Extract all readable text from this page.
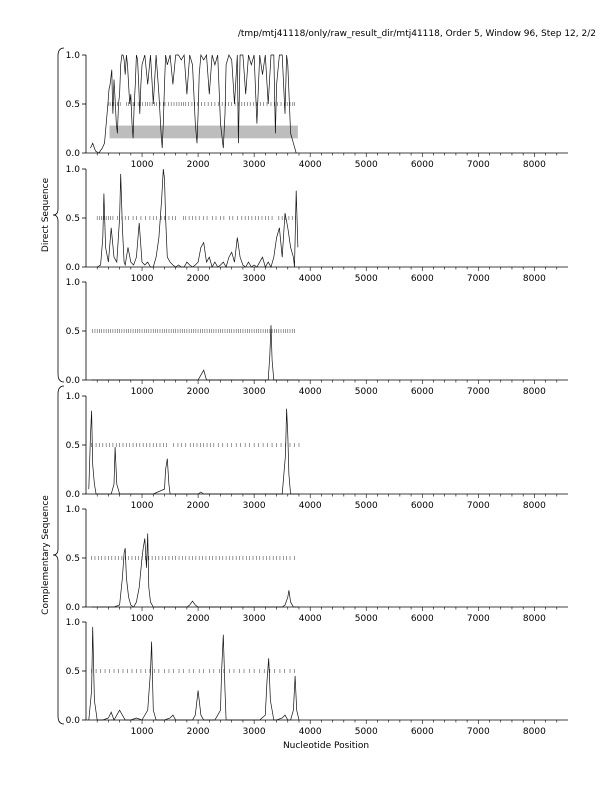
/tmp/mtj41118/only/raw_result_dir/mtj41118, Order 5, Window 96, Step 12, 2/2
0.0
0.5
1.0
1000	2000	3000	4000	5000	6000	7000	8000
0.0
0.5
1.0
1000	2000	3000	4000	5000	6000	7000	8000
0.0
0.5
1.0
1000	2000	3000	4000	5000	6000	7000	8000
0.0
0.5
1.0
1000	2000	3000	4000	5000	6000	7000	8000
0.0
0.5
1.0
1000	2000	3000	4000	5000	6000	7000	8000
0.0
0.5
1.0
1000	2000	3000	4000	5000	6000	7000	8000
Direct Sequence
Complementary Sequence
Nucleotide Position
